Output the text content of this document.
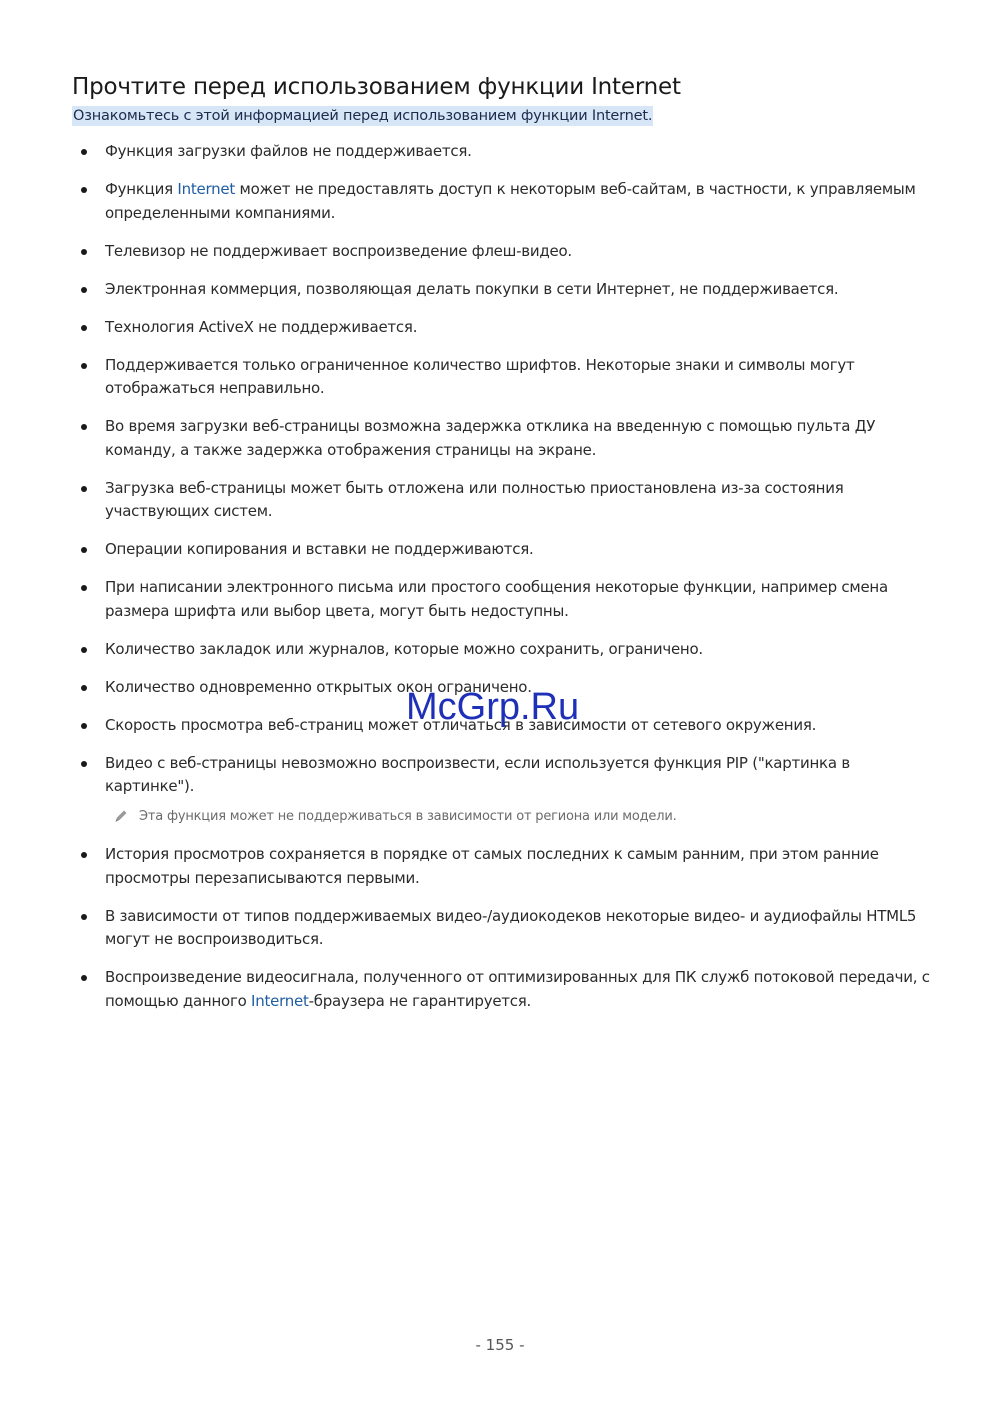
Прочтите перед использованием функции Internet
Ознакомьтесь с этой информацией перед использованием функции Internet.
Функция загрузки файлов не поддерживается.
Функция Internet может не предоставлять доступ к некоторым веб-сайтам, в частности, к управляемым определенными компаниями.
Телевизор не поддерживает воспроизведение флеш-видео.
Электронная коммерция, позволяющая делать покупки в сети Интернет, не поддерживается.
Технология ActiveX не поддерживается.
Поддерживается только ограниченное количество шрифтов. Некоторые знаки и символы могут отображаться неправильно.
Во время загрузки веб-страницы возможна задержка отклика на введенную с помощью пульта ДУ команду, а также задержка отображения страницы на экране.
Загрузка веб-страницы может быть отложена или полностью приостановлена из-за состояния участвующих систем.
Операции копирования и вставки не поддерживаются.
При написании электронного письма или простого сообщения некоторые функции, например смена размера шрифта или выбор цвета, могут быть недоступны.
Количество закладок или журналов, которые можно сохранить, ограничено.
Количество одновременно открытых окон ограничено.
Скорость просмотра веб-страниц может отличаться в зависимости от сетевого окружения.
Видео с веб-страницы невозможно воспроизвести, если используется функция PIP ("картинка в картинке").
Эта функция может не поддерживаться в зависимости от региона или модели.
История просмотров сохраняется в порядке от самых последних к самым ранним, при этом ранние просмотры перезаписываются первыми.
В зависимости от типов поддерживаемых видео-/аудиокодеков некоторые видео- и аудиофайлы HTML5 могут не воспроизводиться.
Воспроизведение видеосигнала, полученного от оптимизированных для ПК служб потоковой передачи, с помощью данного Internet-браузера не гарантируется.
McGrp.Ru
- 155 -
